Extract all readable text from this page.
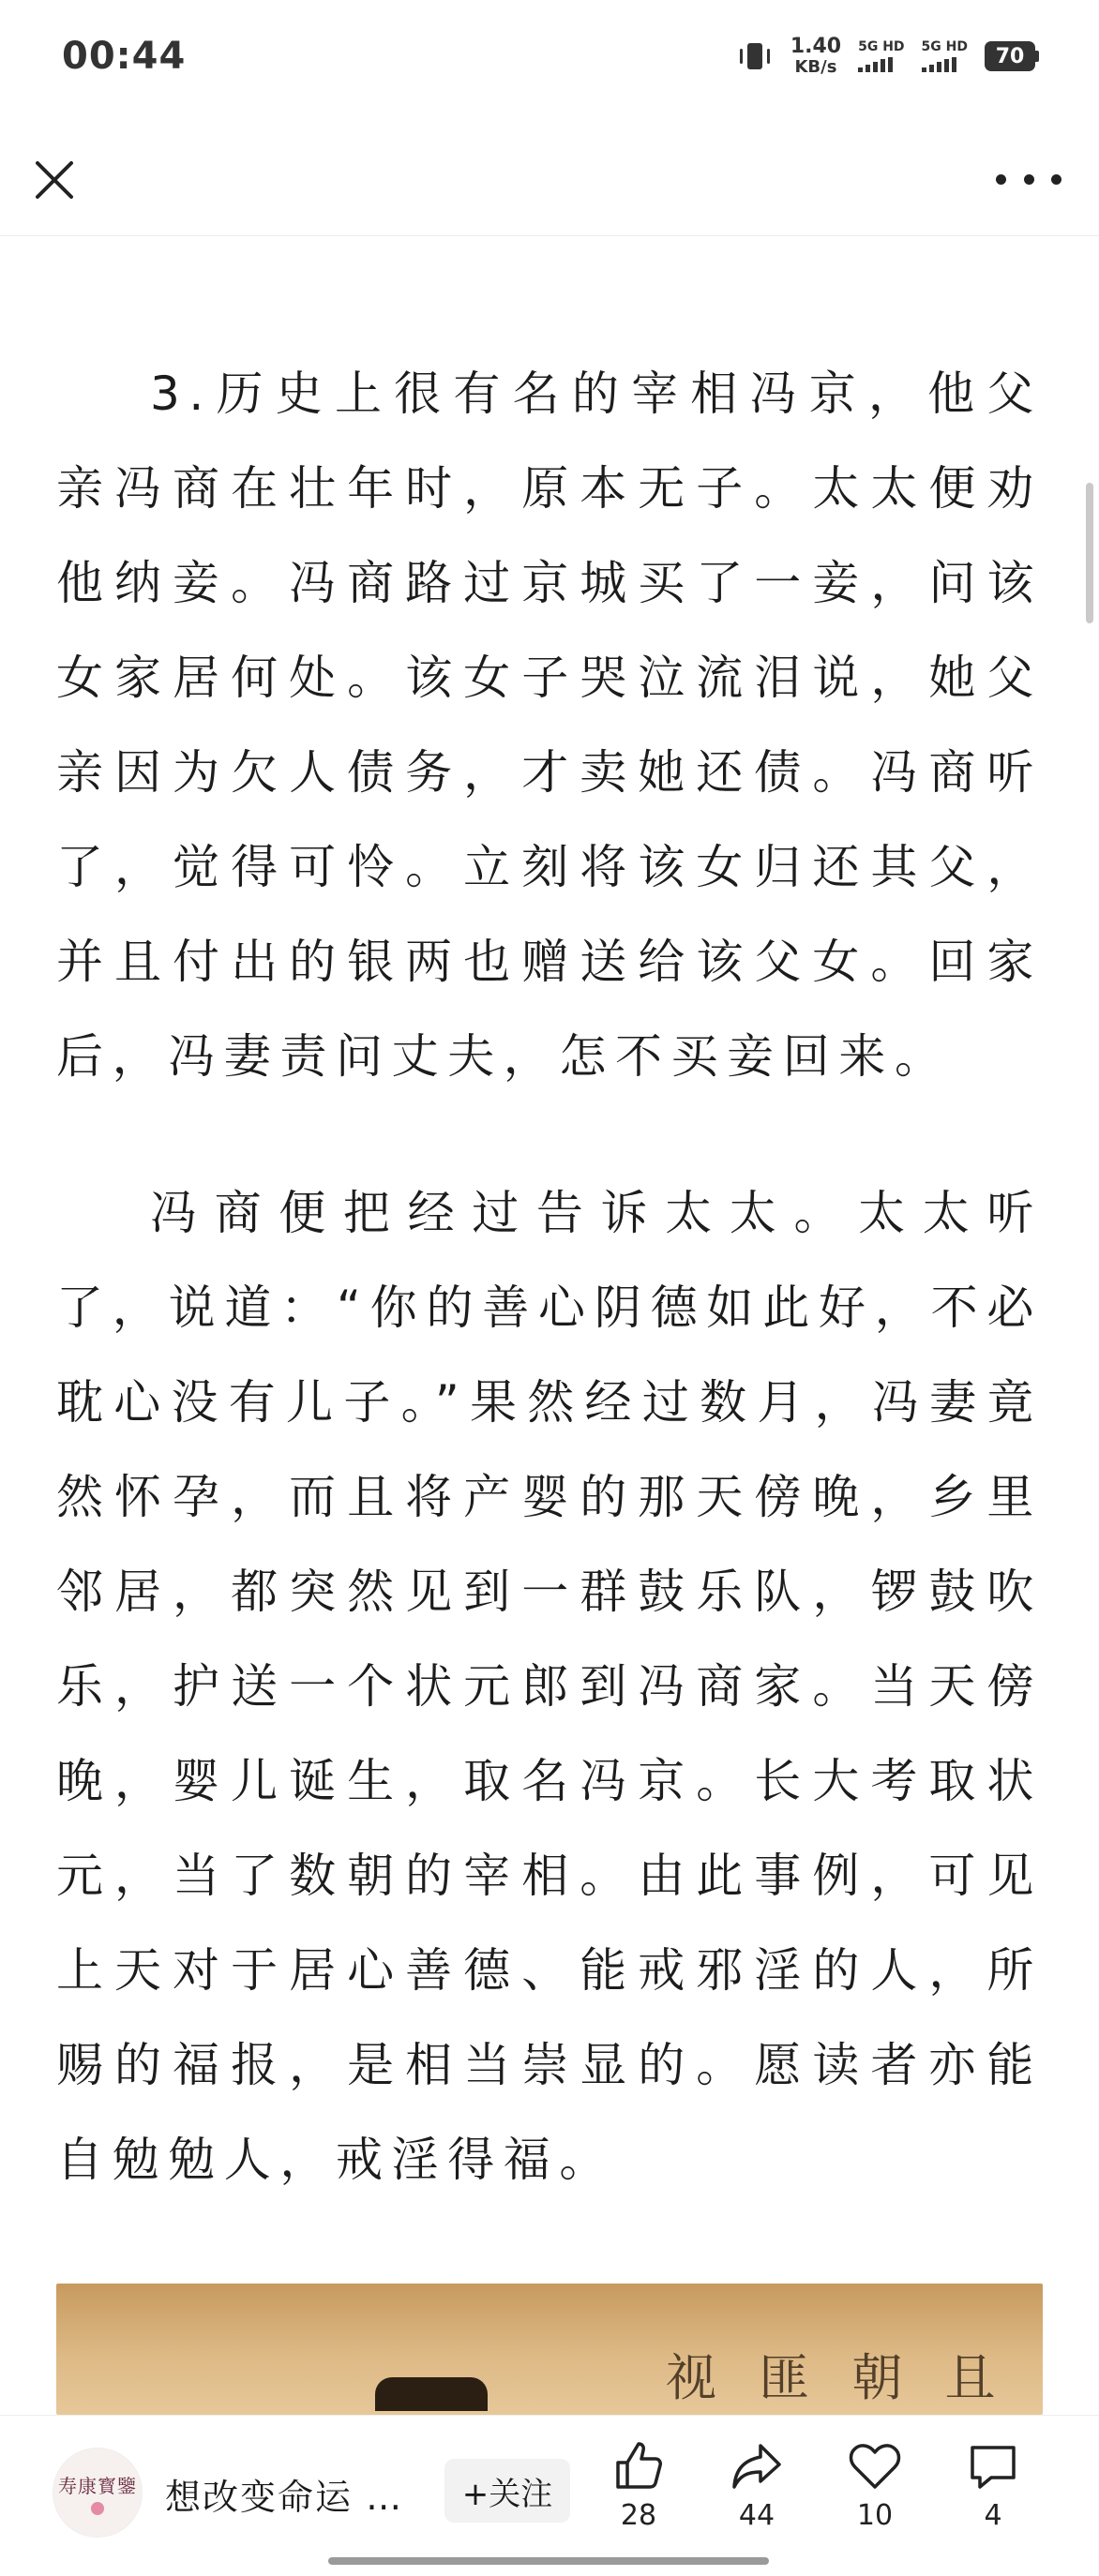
00:44	1.40
KB/s
5G HD 5G HD	70

3.历史上很有名的宰相冯京，他父亲冯商在壮年时，原本无子。太太便劝他纳妾。冯商路过京城买了一妾，问该女家居何处。该女子哭泣流泪说，她父亲因为欠人债务，才卖她还债。冯商听了，觉得可怜。立刻将该女归还其父，并且付出的银两也赠送给该父女。回家后，冯妻责问丈夫，怎不买妾回来。

冯商便把经过告诉太太。太太听了，说道：“你的善心阴德如此好，不必耽心没有儿子。”果然经过数月，冯妻竟然怀孕，而且将产婴的那天傍晚，乡里邻居，都突然见到一群鼓乐队，锣鼓吹乐，护送一个状元郎到冯商家。当天傍晚，婴儿诞生，取名冯京。长大考取状元，当了数朝的宰相。由此事例，可见上天对于居心善德、能戒邪淫的人，所赐的福报，是相当崇显的。愿读者亦能自勉勉人，戒淫得福。

视 匪 朝 且
寿康寳鑒 想改变命运 …	+关注
28	44	10	4
